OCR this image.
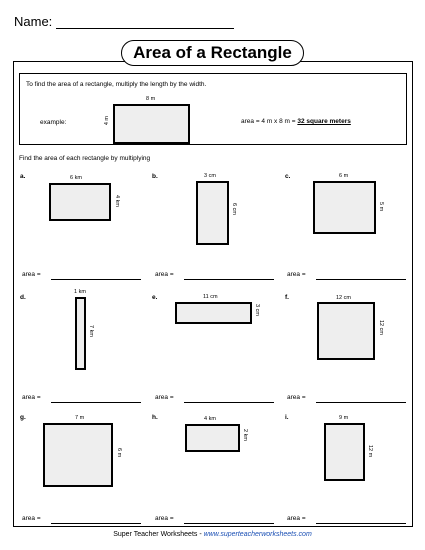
Name:
Area of a Rectangle
To find the area of a rectangle, multiply the length by the width.
example:
8 m
4 m	area = 4 m x 8 m = 32 square meters
Find the area of each rectangle by multiplying
a.	6 km
4 km
b.	3 cm
6 cm
c.	6 m
5 m
area =	area =	area =
d.
1 km
7 km
e.	11 cm
3 cm
f.	12 cm
12 cm
area =	area =	area =
g.	7 m
6 m
h.	4 km
2 km
i.	9 m
12 m
area =	area =	area =
Super Teacher Worksheets - www.superteacherworksheets.com
